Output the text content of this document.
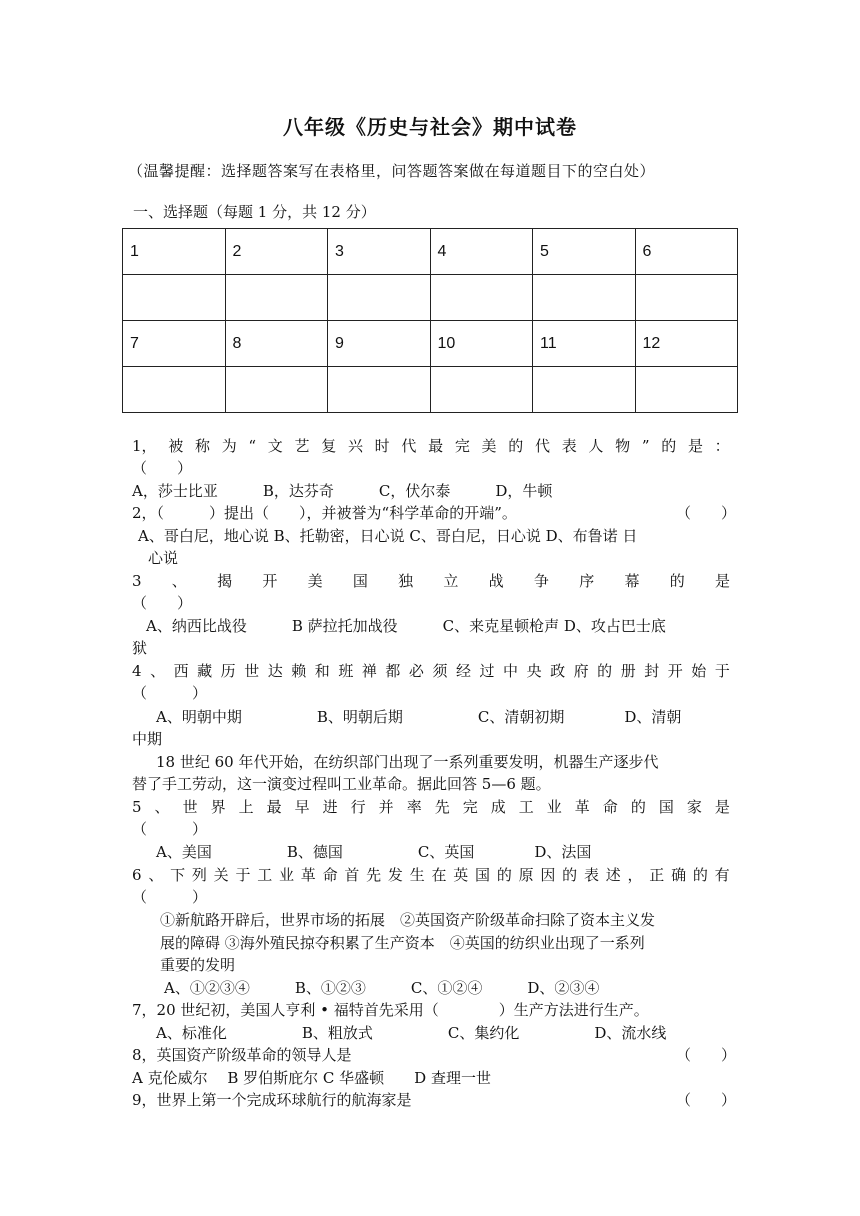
八年级《历史与社会》期中试卷
（温馨提醒：选择题答案写在表格里，问答题答案做在每道题目下的空白处）
一、选择题（每题 1 分，共 12 分）
1	2	3	4	5	6

7	8	9	10	11	12

1， 被 称 为 “ 文 艺 复 兴 时 代 最 完 美 的 代 表 人 物 ” 的 是 ：
（　　）
A，莎士比亚　　　B，达芬奇　　　C，伏尔泰　　　D，牛顿
2，（　　　）提出（　　），并被誉为“科学革命的开端”。	（　　）
A、哥白尼，地心说 B、托勒密，日心说 C、哥白尼，日心说 D、布鲁诺 日
心说
3 、 揭 开 美 国 独 立 战 争 序 幕 的 是
（　　）
A、纳西比战役　　　B 萨拉托加战役　　　C、来克星顿枪声 D、攻占巴士底
狱
4 、 西 藏 历 世 达 赖 和 班 禅 都 必 须 经 过 中 央 政 府 的 册 封 开 始 于
（　　　）
A、明朝中期　　　　　B、明朝后期　　　　　C、清朝初期　　　　D、清朝
中期
18 世纪 60 年代开始，在纺织部门出现了一系列重要发明，机器生产逐步代
替了手工劳动，这一演变过程叫工业革命。据此回答 5—6 题。
5 、 世 界 上 最 早 进 行 并 率 先 完 成 工 业 革 命 的 国 家 是
（　　　）
A、美国　　　　　B、德国　　　　　C、英国　　　　D、法国
6 、 下 列 关 于 工 业 革 命 首 先 发 生 在 英 国 的 原 因 的 表 述 ， 正 确 的 有
（　　　）
①新航路开辟后，世界市场的拓展　②英国资产阶级革命扫除了资本主义发
展的障碍 ③海外殖民掠夺积累了生产资本　④英国的纺织业出现了一系列
重要的发明
A、①②③④　　　B、①②③　　　C、①②④　　　D、②③④
7，20 世纪初，美国人亨利 • 福特首先采用（　　　　）生产方法进行生产。
A、标准化　　　　　B、粗放式　　　　　C、集约化　　　　　D、流水线
8，英国资产阶级革命的领导人是	（　　）
A 克伦威尔　 B 罗伯斯庇尔 C 华盛顿　　D 查理一世
9，世界上第一个完成环球航行的航海家是	（　　）
